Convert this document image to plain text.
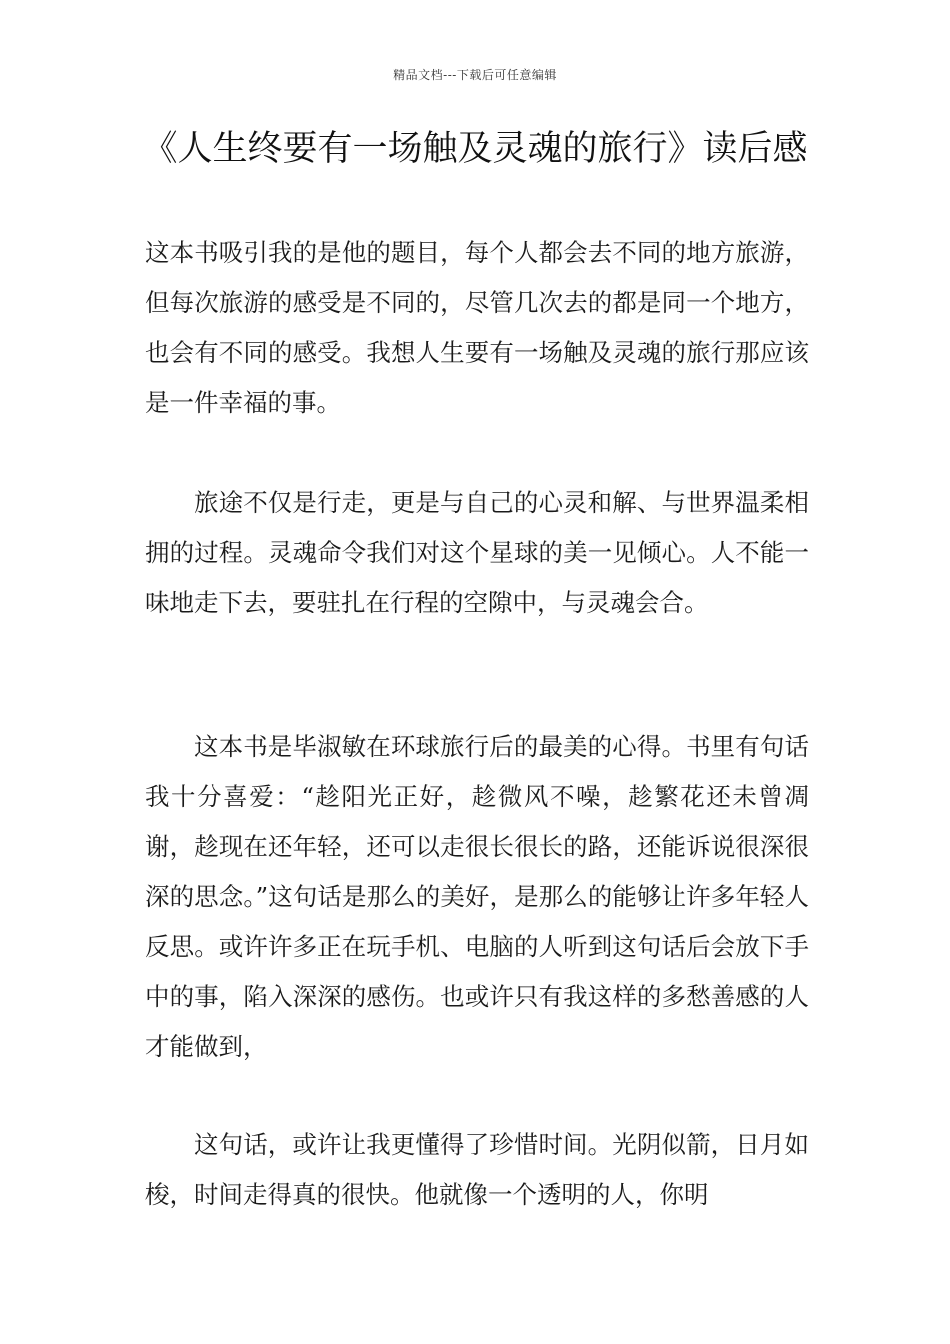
精品文档---下载后可任意编辑
《人生终要有一场触及灵魂的旅行》读后感

这本书吸引我的是他的题目，每个人都会去不同的地方旅游，但每次旅游的感受是不同的，尽管几次去的都是同一个地方，也会有不同的感受。我想人生要有一场触及灵魂的旅行那应该是一件幸福的事。

旅途不仅是行走，更是与自己的心灵和解、与世界温柔相拥的过程。灵魂命令我们对这个星球的美一见倾心。人不能一味地走下去，要驻扎在行程的空隙中，与灵魂会合。

这本书是毕淑敏在环球旅行后的最美的心得。书里有句话我十分喜爱：“趁阳光正好，趁微风不噪，趁繁花还未曾凋谢，趁现在还年轻，还可以走很长很长的路，还能诉说很深很深的思念。”这句话是那么的美好，是那么的能够让许多年轻人反思。或许许多正在玩手机、电脑的人听到这句话后会放下手中的事，陷入深深的感伤。也或许只有我这样的多愁善感的人才能做到，

这句话，或许让我更懂得了珍惜时间。光阴似箭，日月如梭，时间走得真的很快。他就像一个透明的人，你明
